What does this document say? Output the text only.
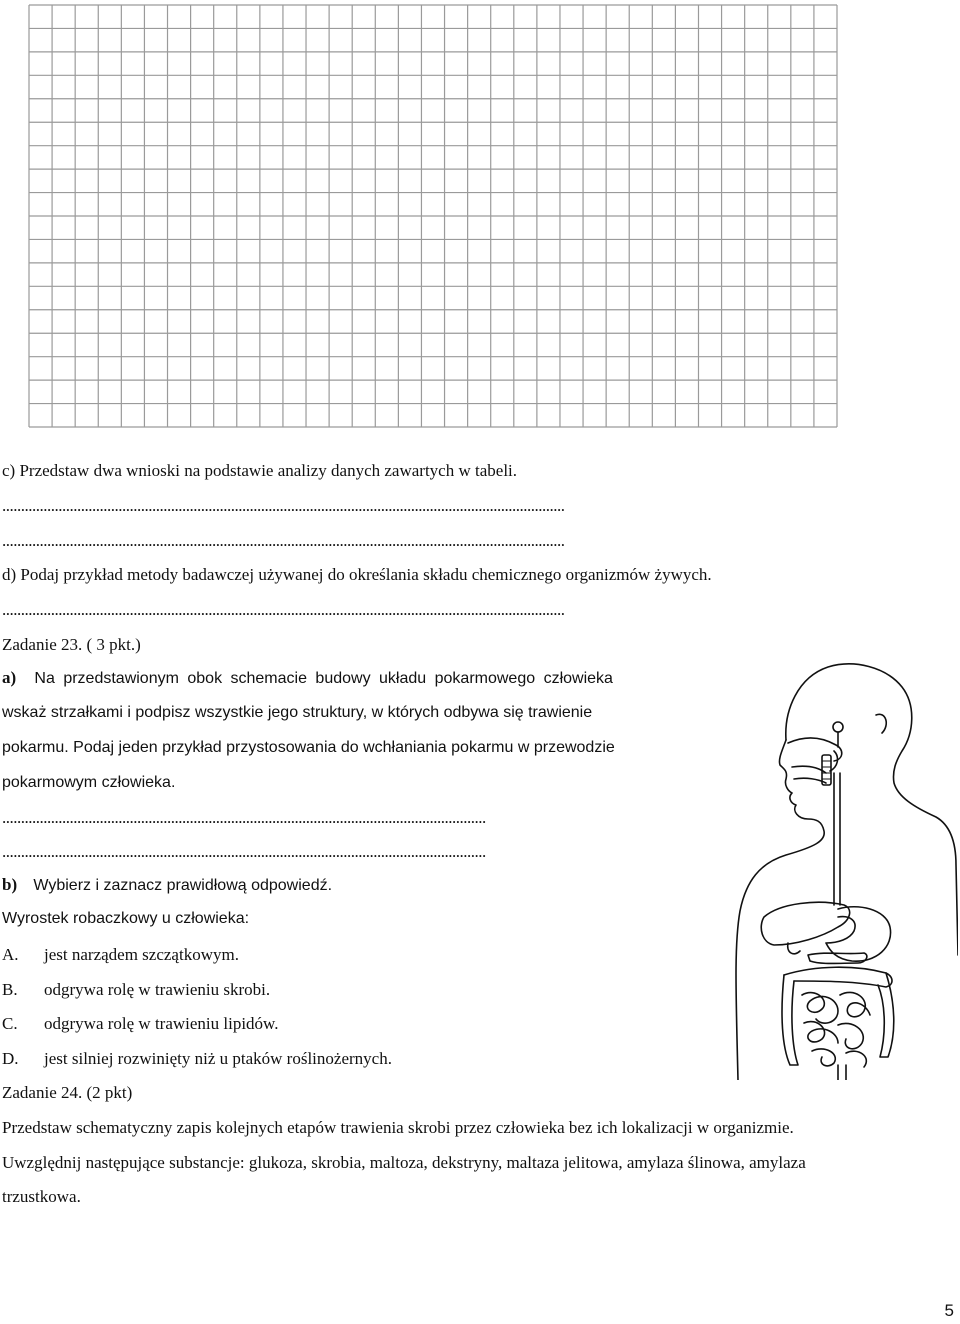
c) Przedstaw dwa wnioski na podstawie analizy danych zawartych w tabeli.
......................................................................................................................................................
......................................................................................................................................................
d) Podaj przykład metody badawczej używanej do określania składu chemicznego organizmów żywych.
......................................................................................................................................................
Zadanie 23. ( 3 pkt.)
a) Na przedstawionym obok schemacie budowy układu pokarmowego człowieka
wskaż strzałkami i podpisz wszystkie jego struktury, w których odbywa się trawienie
pokarmu. Podaj jeden przykład przystosowania do wchłaniania pokarmu w przewodzie
pokarmowym człowieka.
.................................................................................................................................
.................................................................................................................................
b) Wybierz i zaznacz prawidłową odpowiedź.
Wyrostek robaczkowy u człowieka:
A. jest narządem szczątkowym.
B. odgrywa rolę w trawieniu skrobi.
C. odgrywa rolę w trawieniu lipidów.
D. jest silniej rozwinięty niż u ptaków roślinożernych.
Zadanie 24. (2 pkt)
Przedstaw schematyczny zapis kolejnych etapów trawienia skrobi przez człowieka bez ich lokalizacji w organizmie.
Uwzględnij następujące substancje: glukoza, skrobia, maltoza, dekstryny, maltaza jelitowa, amylaza ślinowa, amylaza
trzustkowa.
5
